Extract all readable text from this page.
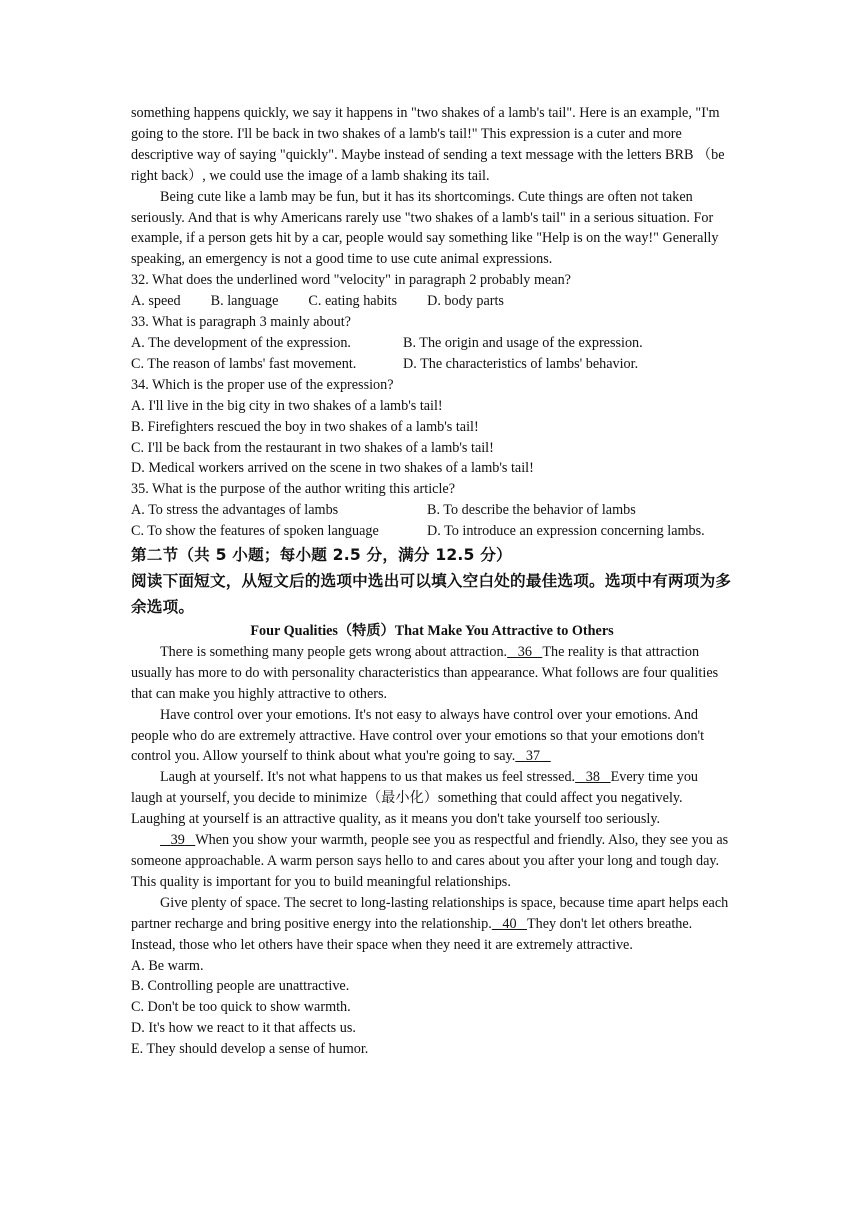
something happens quickly, we say it happens in "two shakes of a lamb's tail". Here is an example, "I'm going to the store. I'll be back in two shakes of a lamb's tail!" This expression is a cuter and more descriptive way of saying "quickly". Maybe instead of sending a text message with the letters BRB （be right back）, we could use the image of a lamb shaking its tail.

Being cute like a lamb may be fun, but it has its shortcomings. Cute things are often not taken seriously. And that is why Americans rarely use "two shakes of a lamb's tail" in a serious situation. For example, if a person gets hit by a car, people would say something like "Help is on the way!" Generally speaking, an emergency is not a good time to use cute animal expressions.

32. What does the underlined word "velocity" in paragraph 2 probably mean?

A. speed B. language C. eating habits D. body parts

33. What is paragraph 3 mainly about?

A. The development of the expression.	B. The origin and usage of the expression.
C. The reason of lambs' fast movement.	D. The characteristics of lambs' behavior.

34. Which is the proper use of the expression?

A. I'll live in the big city in two shakes of a lamb's tail!

B. Firefighters rescued the boy in two shakes of a lamb's tail!

C. I'll be back from the restaurant in two shakes of a lamb's tail!

D. Medical workers arrived on the scene in two shakes of a lamb's tail!

35. What is the purpose of the author writing this article?

A. To stress the advantages of lambs	B. To describe the behavior of lambs
C. To show the features of spoken language	D. To introduce an expression concerning lambs.

第二节（共 5 小题；每小题 2.5 分，满分 12.5 分）

阅读下面短文，从短文后的选项中选出可以填入空白处的最佳选项。选项中有两项为多余选项。

Four Qualities（特质）That Make You Attractive to Others

There is something many people gets wrong about attraction. 36 The reality is that attraction usually has more to do with personality characteristics than appearance. What follows are four qualities that can make you highly attractive to others.

Have control over your emotions. It's not easy to always have control over your emotions. And people who do are extremely attractive. Have control over your emotions so that your emotions don't control you. Allow yourself to think about what you're going to say. 37

Laugh at yourself. It's not what happens to us that makes us feel stressed. 38 Every time you laugh at yourself, you decide to minimize（最小化）something that could affect you negatively. Laughing at yourself is an attractive quality, as it means you don't take yourself too seriously.

39 When you show your warmth, people see you as respectful and friendly. Also, they see you as someone approachable. A warm person says hello to and cares about you after your long and tough day. This quality is important for you to build meaningful relationships.

Give plenty of space. The secret to long-lasting relationships is space, because time apart helps each partner recharge and bring positive energy into the relationship. 40 They don't let others breathe. Instead, those who let others have their space when they need it are extremely attractive.

A. Be warm.

B. Controlling people are unattractive.

C. Don't be too quick to show warmth.

D. It's how we react to it that affects us.

E. They should develop a sense of humor.
